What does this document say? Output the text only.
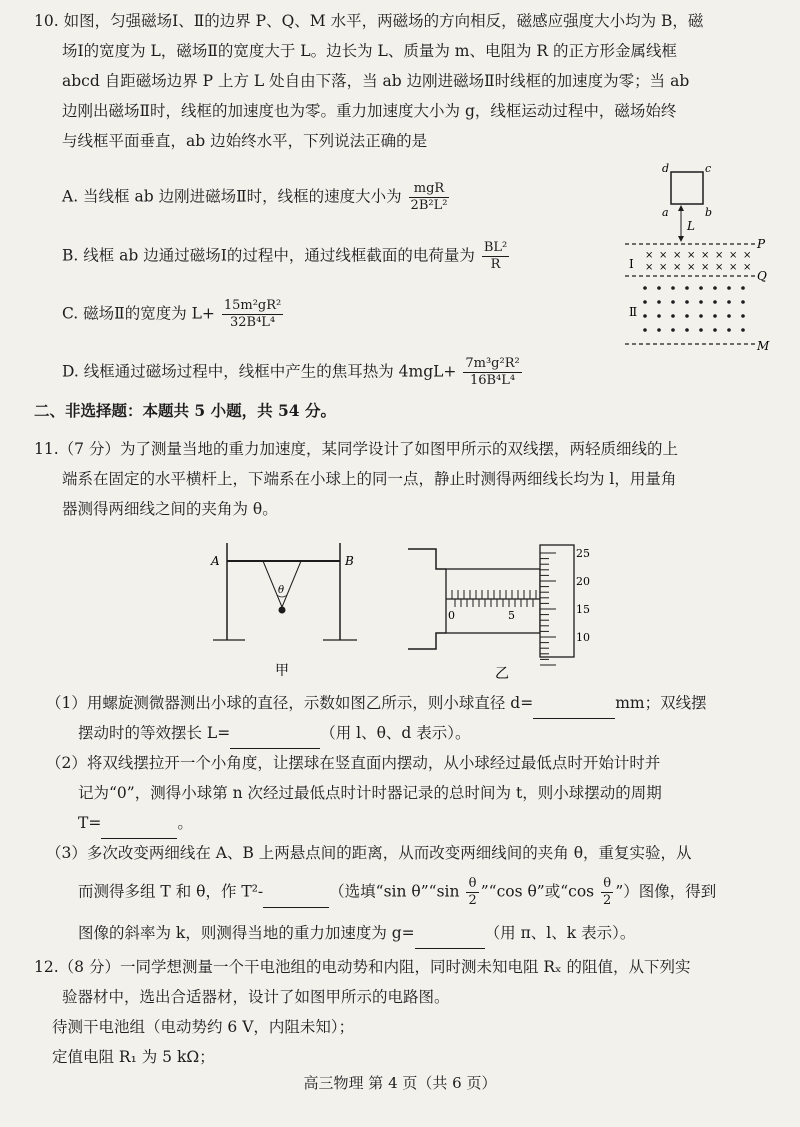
10. 如图，匀强磁场Ⅰ、Ⅱ的边界 P、Q、M 水平，两磁场的方向相反，磁感应强度大小均为 B，磁
场Ⅰ的宽度为 L，磁场Ⅱ的宽度大于 L。边长为 L、质量为 m、电阻为 R 的正方形金属线框
abcd 自距磁场边界 P 上方 L 处自由下落，当 ab 边刚进磁场Ⅱ时线框的加速度为零；当 ab
边刚出磁场Ⅱ时，线框的加速度也为零。重力加速度大小为 g，线框运动过程中，磁场始终
与线框平面垂直，ab 边始终水平，下列说法正确的是
A. 当线框 ab 边刚进磁场Ⅱ时，线框的速度大小为 $\frac{\text{mgR}}{\text{2B²L²}}$
B. 线框 ab 边通过磁场Ⅰ的过程中，通过线框截面的电荷量为 $\frac{\text{BL²}}{R}$
C. 磁场Ⅱ的宽度为 $L+ \frac{\text{15m²gR²}}{\text{32B⁴L⁴}}$
D. 线框通过磁场过程中，线框中产生的焦耳热为 $4mgL+ \frac{\text{7m³g²R²}}{\text{16B⁴L⁴}}$
d	c
a	b
L
P
Q
M
Ⅰ
Ⅱ
× × × × × × × ×
× × × × × × × ×
二、非选择题：本题共 5 小题，共 54 分。
11.（7 分）为了测量当地的重力加速度，某同学设计了如图甲所示的双线摆，两轻质细线的上
端系在固定的水平横杆上，下端系在小球上的同一点，静止时测得两细线长均为 l，用量角
器测得两细线之间的夹角为 θ。
A	B
θ
甲
0	5
25
20
15
10
乙
（1）用螺旋测微器测出小球的直径，示数如图乙所示，则小球直径 d=	mm；双线摆
摆动时的等效摆长 L=	（用 l、θ、d 表示）。
（2）将双线摆拉开一个小角度，让摆球在竖直面内摆动，从小球经过最低点时开始计时并
记为“0”，测得小球第 n 次经过最低点时计时器记录的总时间为 t，则小球摆动的周期
T=	。
（3）多次改变两细线在 A、B 上两悬点间的距离，从而改变两细线间的夹角 θ，重复实验，从
而测得多组 T 和 θ，作 T²-	（选填“sin θ”“sin $\frac{\theta}{2}$ ”“cos θ”或“$\cos \frac{\theta}{2}$ ”）图像，得到
图像的斜率为 k，则测得当地的重力加速度为 g=	（用 π、l、k 表示）。
12.（8 分）一同学想测量一个干电池组的电动势和内阻，同时测未知电阻 Rₓ 的阻值，从下列实
验器材中，选出合适器材，设计了如图甲所示的电路图。
待测干电池组（电动势约 6 V，内阻未知）；
定值电阻 R₁ 为 5 kΩ；
高三物理 第 4 页（共 6 页）
